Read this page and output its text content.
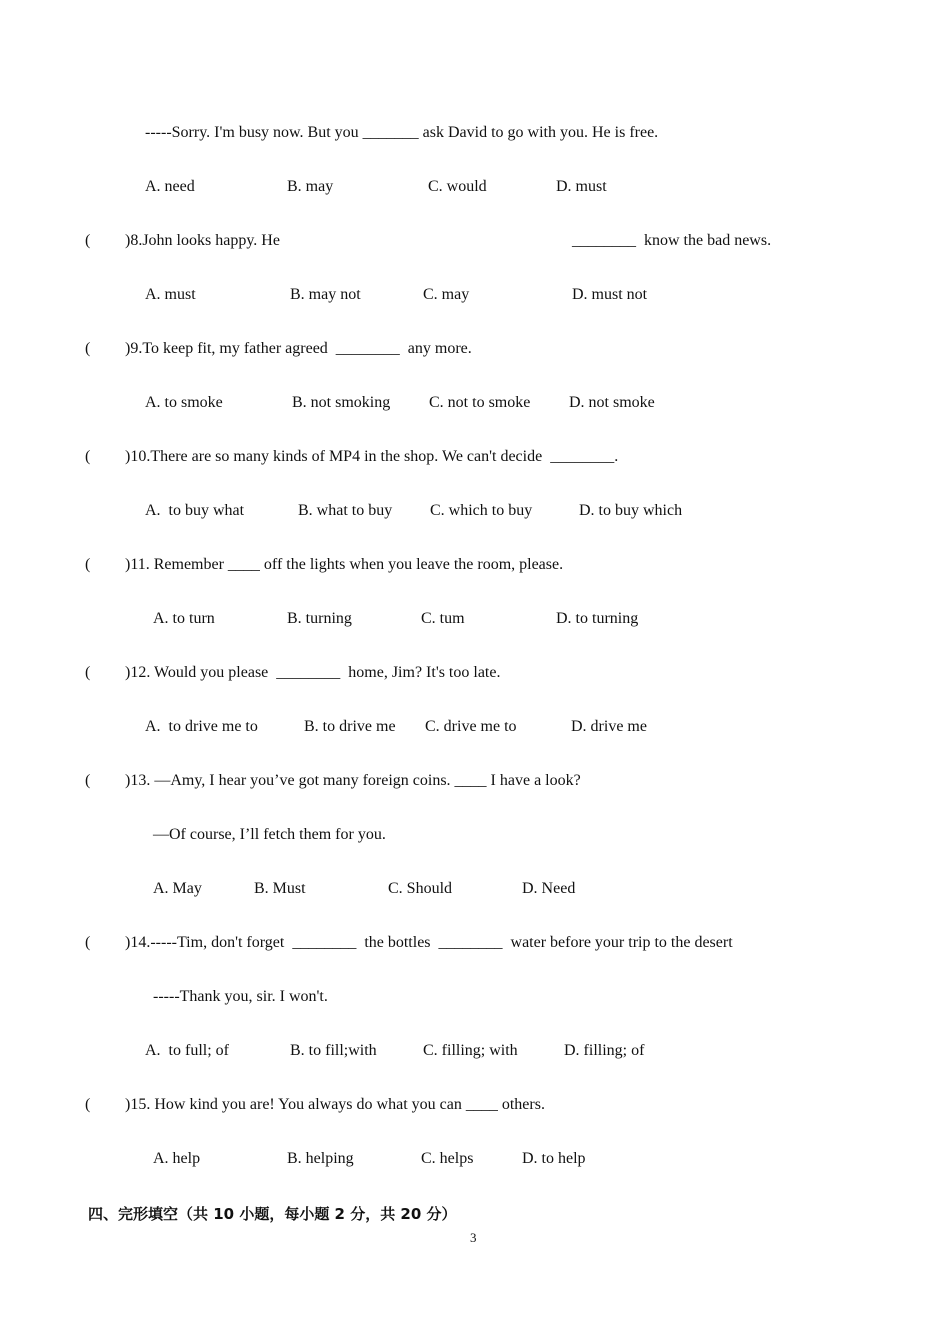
-----Sorry. I'm busy now. But you _______ ask David to go with you. He is free.
A. need	B. may	C. would	D. must
( )8.John looks happy. He	________  know the bad news.
A. must	B. may not	C. may	D. must not
( )9.To keep fit, my father agreed  ________  any more.
A. to smoke	B. not smoking C. not to smoke D. not smoke
( )10.There are so many kinds of MP4 in the shop. We can't decide  ________.
A.  to buy what	B. what to buy C. which to buy	D. to buy which
( )11. Remember ____ off the lights when you leave the room, please.
A. to turn	B. turning	C. tum	D. to turning
( )12. Would you please  ________  home, Jim? It's too late.
A.  to drive me to	B. to drive me C. drive me to	D. drive me
( )13. —Amy, I hear you’ve got many foreign coins. ____ I have a look?
—Of course, I’ll fetch them for you.
A. May	B. Must	C. Should	D. Need
( )14.-----Tim, don't forget  ________  the bottles  ________  water before your trip to the desert
-----Thank you, sir. I won't.
A.  to full; of	B. to fill;with	C. filling; with	D. filling; of
( )15. How kind you are! You always do what you can ____ others.
A. help	B. helping	C. helps	D. to help
四、完形填空（共 10 小题，每小题 2 分，共 20 分）
3
